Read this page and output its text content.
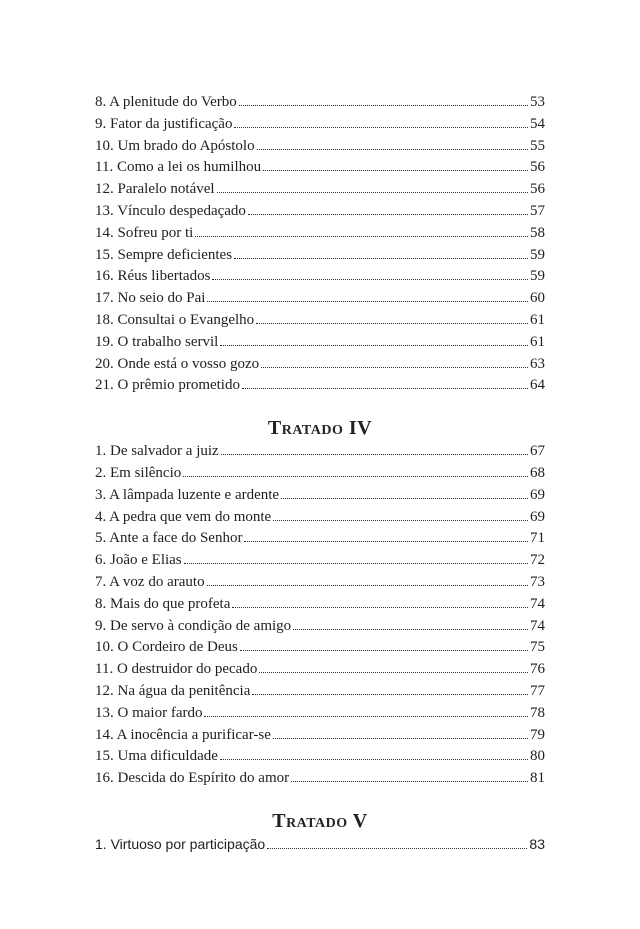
8. A plenitude do Verbo	53
9. Fator da justificação	54
10. Um brado do Apóstolo	55
11. Como a lei os humilhou	56
12. Paralelo notável	56
13. Vínculo despedaçado	57
14. Sofreu por ti	58
15. Sempre deficientes	59
16. Réus libertados	59
17. No seio do Pai	60
18. Consultai o Evangelho	61
19. O trabalho servil	61
20. Onde está o vosso gozo	63
21. O prêmio prometido	64
Tratado IV
1. De salvador a juiz	67
2. Em silêncio	68
3. A lâmpada luzente e ardente	69
4. A pedra que vem do monte	69
5. Ante a face do Senhor	71
6. João e Elias	72
7. A voz do arauto	73
8. Mais do que profeta	74
9. De servo à condição de amigo	74
10. O Cordeiro de Deus	75
11. O destruidor do pecado	76
12. Na água da penitência	77
13. O maior fardo	78
14. A inocência a purificar-se	79
15. Uma dificuldade	80
16. Descida do Espírito do amor	81
Tratado V
1. Virtuoso por participação	83
